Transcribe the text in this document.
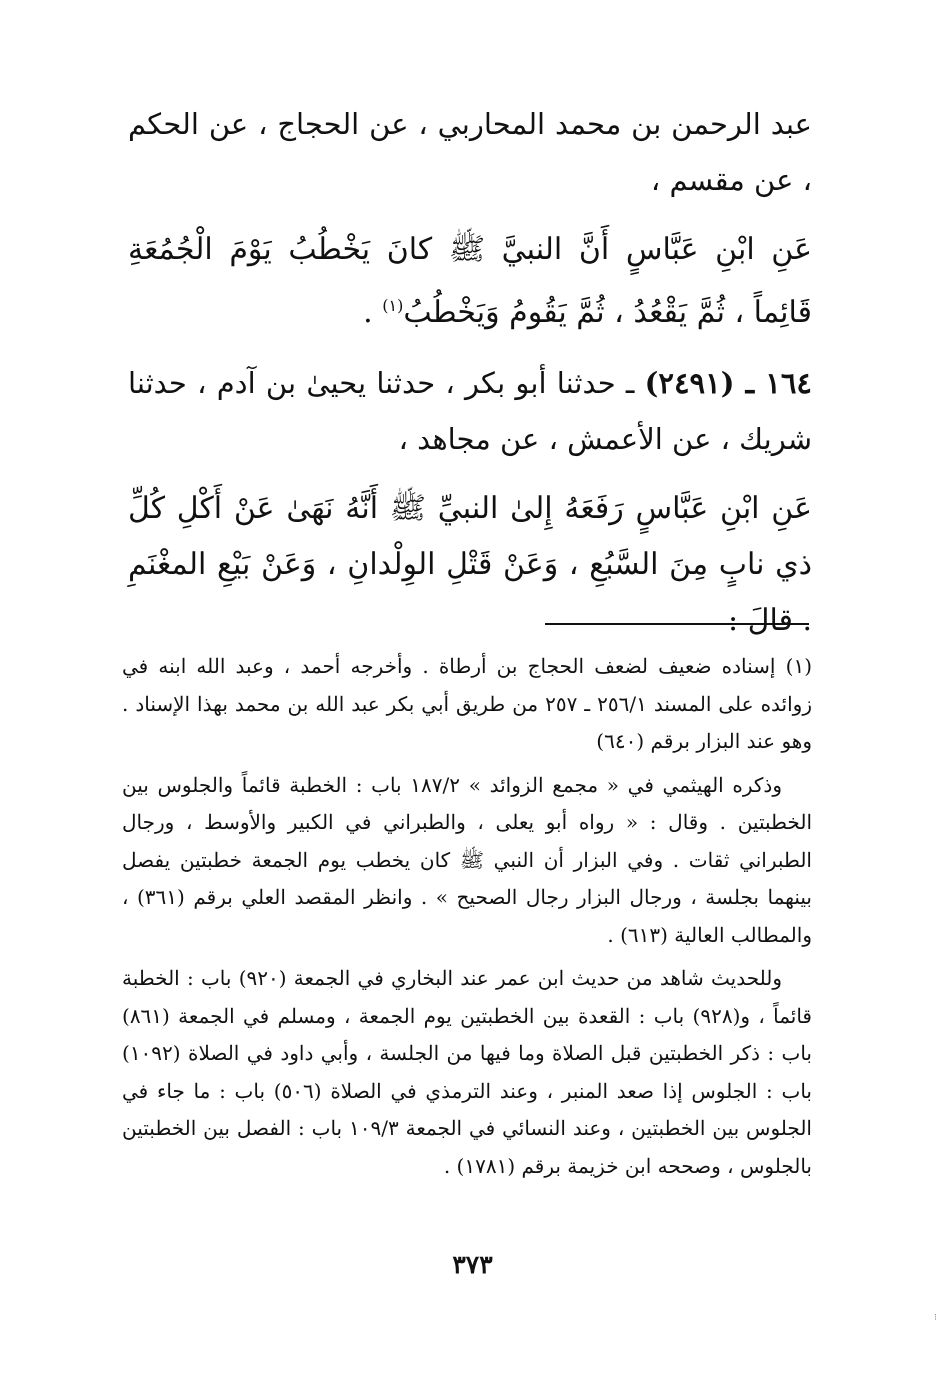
عبد الرحمن بن محمد المحاربي ، عن الحجاج ، عن الحكم ، عن مقسم ،

عَنِ ابْنِ عَبَّاسٍ أَنَّ النبيَّ ﷺ كانَ يَخْطُبُ يَوْمَ الْجُمُعَةِ قَائِماً ، ثُمَّ يَقْعُدُ ، ثُمَّ يَقُومُ وَيَخْطُبُ$^{(١)}$ .

١٦٤ ـ (٢٤٩١) ـ حدثنا أبو بكر ، حدثنا يحيىٰ بن آدم ، حدثنا شريك ، عن الأعمش ، عن مجاهد ،

عَنِ ابْنِ عَبَّاسٍ رَفَعَهُ إِلىٰ النبيِّ ﷺ أَنَّهُ نَهَىٰ عَنْ أَكْلِ كُلِّ ذي نابٍ مِنَ السَّبُعِ ، وَعَنْ قَتْلِ الوِلْدانِ ، وَعَنْ بَيْعِ المغْنَمِ . قالَ :

(١) إسناده ضعيف لضعف الحجاج بن أرطاة . وأخرجه أحمد ، وعبد الله ابنه في زوائده على المسند ٢٥٦/١ ـ ٢٥٧ من طريق أبي بكر عبد الله بن محمد بهذا الإسناد . وهو عند البزار برقم (٦٤٠)

وذكره الهيثمي في « مجمع الزوائد » ١٨٧/٢ باب : الخطبة قائماً والجلوس بين الخطبتين . وقال : « رواه أبو يعلى ، والطبراني في الكبير والأوسط ، ورجال الطبراني ثقات . وفي البزار أن النبي ﷺ كان يخطب يوم الجمعة خطبتين يفصل بينهما بجلسة ، ورجال البزار رجال الصحيح » . وانظر المقصد العلي برقم (٣٦١) ، والمطالب العالية (٦١٣) .

وللحديث شاهد من حديث ابن عمر عند البخاري في الجمعة (٩٢٠) باب : الخطبة قائماً ، و(٩٢٨) باب : القعدة بين الخطبتين يوم الجمعة ، ومسلم في الجمعة (٨٦١) باب : ذكر الخطبتين قبل الصلاة وما فيها من الجلسة ، وأبي داود في الصلاة (١٠٩٢) باب : الجلوس إذا صعد المنبر ، وعند الترمذي في الصلاة (٥٠٦) باب : ما جاء في الجلوس بين الخطبتين ، وعند النسائي في الجمعة ١٠٩/٣ باب : الفصل بين الخطبتين بالجلوس ، وصححه ابن خزيمة برقم (١٧٨١) .

٣٧٣
⁝
